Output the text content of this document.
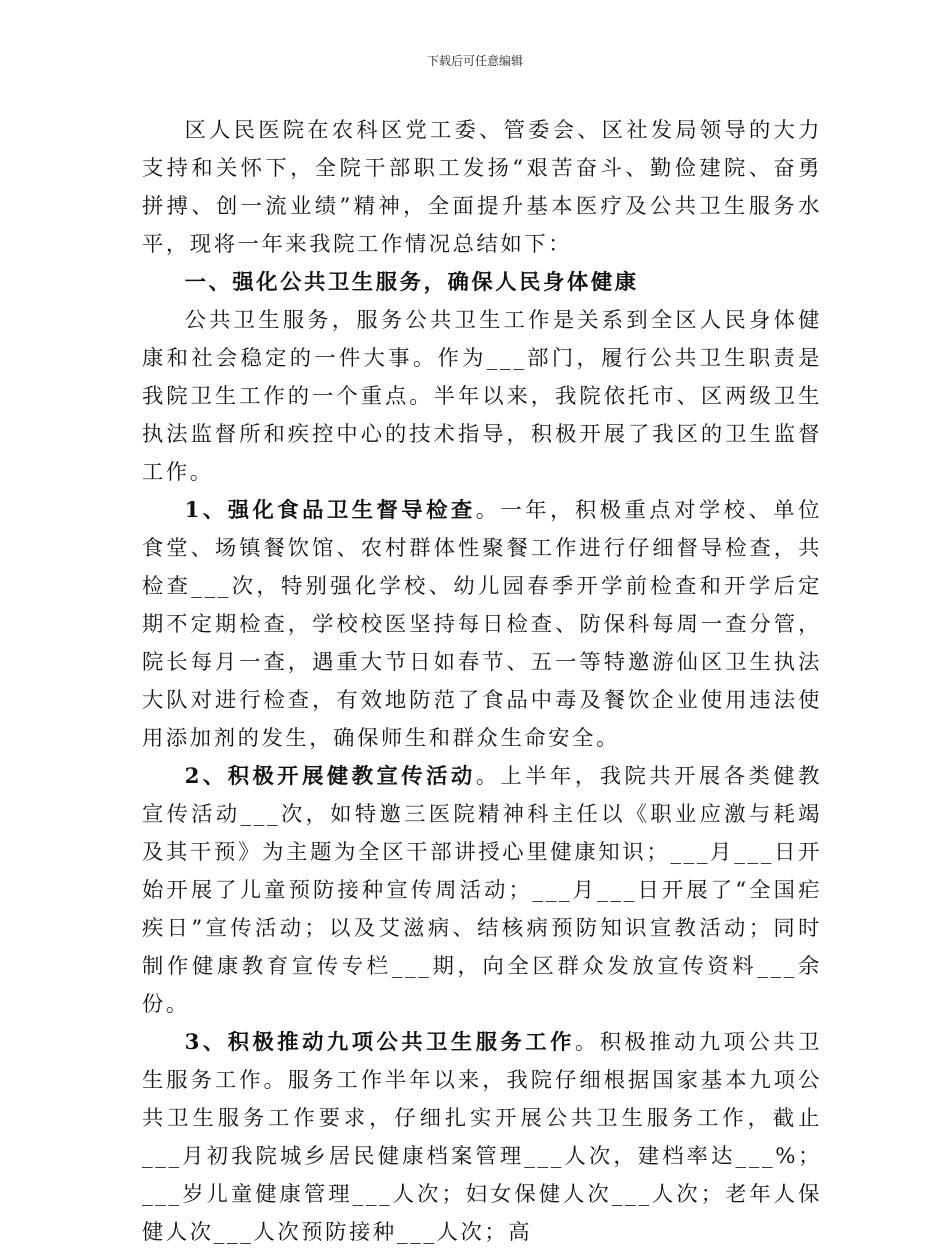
下载后可任意编辑

区人民医院在农科区党工委、管委会、区社发局领导的大力支持和关怀下，全院干部职工发扬“艰苦奋斗、勤俭建院、奋勇拼搏、创一流业绩”精神，全面提升基本医疗及公共卫生服务水平，现将一年来我院工作情况总结如下：

一、强化公共卫生服务，确保人民身体健康

公共卫生服务，服务公共卫生工作是关系到全区人民身体健康和社会稳定的一件大事。作为___部门，履行公共卫生职责是我院卫生工作的一个重点。半年以来，我院依托市、区两级卫生执法监督所和疾控中心的技术指导，积极开展了我区的卫生监督工作。

1、强化食品卫生督导检查。一年，积极重点对学校、单位食堂、场镇餐饮馆、农村群体性聚餐工作进行仔细督导检查，共检查___次，特别强化学校、幼儿园春季开学前检查和开学后定期不定期检查，学校校医坚持每日检查、防保科每周一查分管，院长每月一查，遇重大节日如春节、五一等特邀游仙区卫生执法大队对进行检查，有效地防范了食品中毒及餐饮企业使用违法使用添加剂的发生，确保师生和群众生命安全。

2、积极开展健教宣传活动。上半年，我院共开展各类健教宣传活动___次，如特邀三医院精神科主任以《职业应激与耗竭及其干预》为主题为全区干部讲授心里健康知识；___月___日开始开展了儿童预防接种宣传周活动；___月___日开展了“全国疟疾日”宣传活动；以及艾滋病、结核病预防知识宣教活动；同时制作健康教育宣传专栏___期，向全区群众发放宣传资料___余份。

3、积极推动九项公共卫生服务工作。积极推动九项公共卫生服务工作。服务工作半年以来，我院仔细根据国家基本九项公共卫生服务工作要求，仔细扎实开展公共卫生服务工作，截止___月初我院城乡居民健康档案管理___人次，建档率达___%；___岁儿童健康管理___人次；妇女保健人次___人次；老年人保健人次___人次预防接种___人次；高
